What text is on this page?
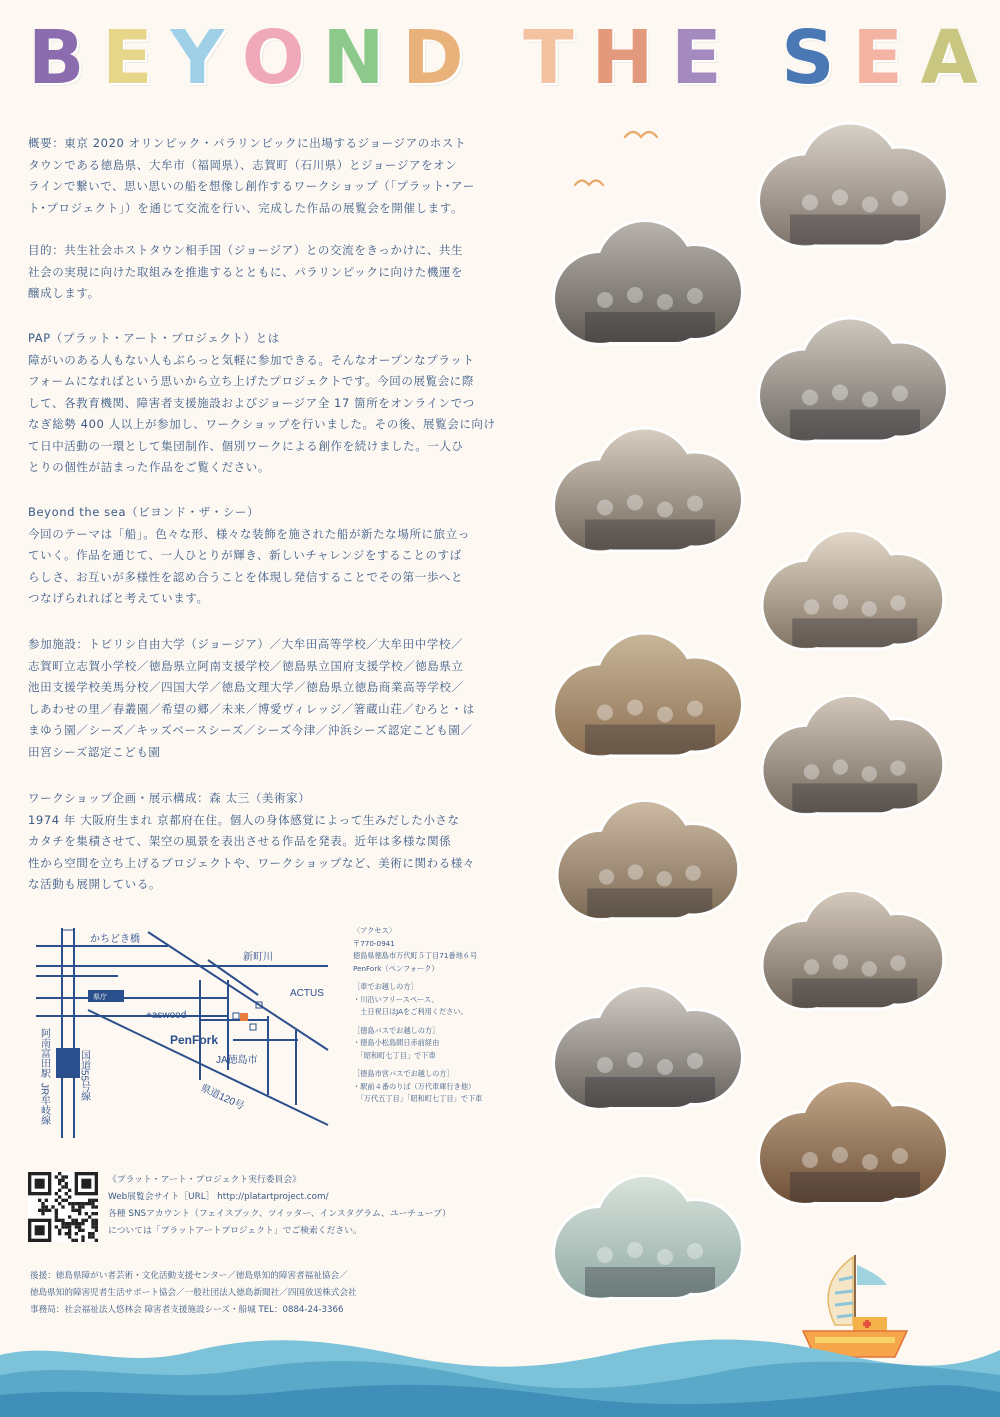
B E Y O N D T H E S E A

概要：東京 2020 オリンピック・パラリンピックに出場するジョージアのホスト

タウンである徳島県、大牟市（福岡県）、志賀町（石川県）とジョージアをオン

ラインで繋いで、思い思いの船を想像し創作するワークショップ（「プラット･アー

ト･プロジェクト」）を通じて交流を行い、完成した作品の展覧会を開催します。

目的：共生社会ホストタウン相手国（ジョージア）との交流をきっかけに、共生

社会の実現に向けた取組みを推進するとともに、パラリンピックに向けた機運を

醸成します。

PAP（プラット・アート・プロジェクト）とは

障がいのある人もない人もぶらっと気軽に参加できる。そんなオープンなプラット

フォームになればという思いから立ち上げたプロジェクトです。今回の展覧会に際

して、各教育機関、障害者支援施設およびジョージア全 17 箇所をオンラインでつ

なぎ総勢 400 人以上が参加し、ワークショップを行いました。その後、展覧会に向け

て日中活動の一環として集団制作、個別ワークによる創作を続けました。一人ひ

とりの個性が詰まった作品をご覧ください。

Beyond the sea（ビヨンド・ザ・シー）

今回のテーマは「船」。色々な形、様々な装飾を施された船が新たな場所に旅立っ

ていく。作品を通じて、一人ひとりが輝き、新しいチャレンジをすることのすば

らしさ、お互いが多様性を認め合うことを体現し発信することでその第一歩へと

つなげられればと考えています。

参加施設：トビリシ自由大学（ジョージア）／大牟田高等学校／大牟田中学校／

志賀町立志賀小学校／徳島県立阿南支援学校／徳島県立国府支援学校／徳島県立

池田支援学校美馬分校／四国大学／徳島文理大学／徳島県立徳島商業高等学校／

しあわせの里／春叢園／希望の郷／未来／博愛ヴィレッジ／箸蔵山荘／むろと・は

まゆう園／シーズ／キッズベースシーズ／シーズ今津／沖浜シーズ認定こども園／

田宮シーズ認定こども園

ワークショップ企画・展示構成：森 太三（美術家）

1974 年 大阪府生まれ 京都府在住。個人の身体感覚によって生みだした小さな

カタチを集積させて、架空の風景を表出させる作品を発表。近年は多様な関係

性から空間を立ち上げるプロジェクトや、ワークショップなど、美術に関わる様々

な活動も展開している。

かちどき橋
新町川
県庁	ACTUS
+aswood
PenFork
JA徳島市
県道120号
国道55号線
阿南富田駅
JR牟岐線

〈アクセス〉

〒770-0941

徳島県徳島市万代町５丁目71番地６号

PenFork（ペンフォーク）

［車でお越しの方］

・川沿いフリースペース、

　土日祝日はJAをご利用ください。

［徳島バスでお越しの方］

・徳島小松島間日赤前経由

　「昭和町七丁目」で下車

［徳島市営バスでお越しの方］

・駅前４番のりば（万代車庫行き他）

　「万代五丁目」「昭和町七丁目」で下車

《プラット・アート・プロジェクト実行委員会》

Web展覧会サイト［URL］ http://platartproject.com/

各種 SNSアカウント（フェイスブック、ツイッター、インスタグラム、ユーチューブ）

については「プラットアートプロジェクト」でご検索ください。

後援：徳島県障がい者芸術・文化活動支援センター／徳島県知的障害者福祉協会／

徳島県知的障害児者生活サポート協会／一般社団法人徳島新聞社／四国放送株式会社

事務局：社会福祉法人悠林会 障害者支援施設シーズ・船城 TEL：0884-24-3366
